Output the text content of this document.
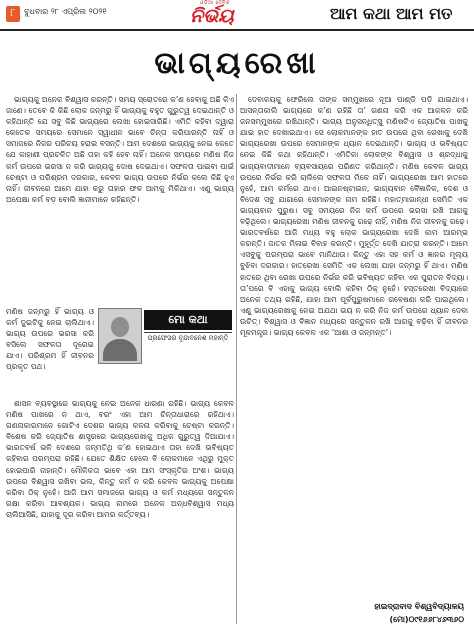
୮	ବୁଧବାର ୨୮ ଏପ୍ରିଲ ୨୦୨୧
ଓଡ଼ିଆ ଦୈନିକ
ନିର୍ଭୟ	ଆମ କଥା ଆମ ମତ
ଭାଗ୍ୟରେଖା

ଭାଗ୍ୟକୁ ଅନେକ ବିଶ୍ୱାସ କରନ୍ତି। ସମୟ ସ୍ରୋତରେ କ’ଣ ହେବାକୁ ଅଛି କିଏ ଜାଣେ। ତେବେ କି କିଛି ଲୋକ ଜନ୍ମରୁ ହିଁ ଭାଗ୍ୟକୁ ବହୁତ ଗୁରୁତ୍ୱ ଦେଇଥାନ୍ତି ଓ କହିଥାନ୍ତି ଯେ ସବୁ କିଛି ଭାଗ୍ୟରେ ଲେଖା ହୋଇସାରିଛି। ଏମିତି କହିବା ଦ୍ୱାରା କେତେକ ସମୟରେ ସେମାନେ ସ୍ୱାଧୀନ ଭାବେ ଚିନ୍ତା କରିପାରନ୍ତି ନାହିଁ ଓ ସମାଜରେ ନିଜର ପରିଚୟ ହରାଇ ବସନ୍ତି। ଆମ ଦେଶରେ ଭାଗ୍ୟକୁ ନେଇ କେତେ ଯେ କାହାଣୀ ପ୍ରଚଳିତ ଅଛି ତାହା କହି ହେବ ନାହିଁ। ଅନେକ ସମୟରେ ମଣିଷ ନିଜ କର୍ମ ଉପରେ ଭରସା ନ କରି ଭାଗ୍ୟକୁ ଦୋଷ ଦେଇଥାଏ। ସଫଳତା ପାଇବା ପାଇଁ ଚେଷ୍ଟା ଓ ପରିଶ୍ରମ ଦରକାର, କେବଳ ଭାଗ୍ୟ ଉପରେ ନିର୍ଭର କଲେ କିଛି ହୁଏ ନାହିଁ। ଜୀବନରେ ଆମେ ଯାହା କରୁ ତାହାର ଫଳ ଆମକୁ ମିଳିଥାଏ। ଏଣୁ ଭାଗ୍ୟ ଅପେକ୍ଷା କର୍ମ ବଡ଼ ବୋଲି ଜ୍ଞାନୀମାନେ କହିଛନ୍ତି।

ଶାସନ ବ୍ୟବସ୍ଥାରେ ଭାଗ୍ୟକୁ ନେଇ ଅନେକ ଧାରଣା ରହିଛି। ଭାଗ୍ୟ କେବଳ ମଣିଷ ପାଖରେ ନ ଥାଏ, ବରଂ ଏହା ଆମ ଚିନ୍ତାଧାରାରେ ରହିଥାଏ। ଗଣନାକାରମାନେ ଗୋଟିଏ ଦେଶର ଭାଗ୍ୟ କଳନା କରିବାକୁ ଚେଷ୍ଟା କରନ୍ତି। ବିଶେଷ କରି ଜ୍ୟୋତିଷ ଶାସ୍ତ୍ରରେ ଭାଗ୍ୟରେଖାକୁ ଅଧିକ ଗୁରୁତ୍ୱ ଦିଆଯାଏ। ଭାରତବର୍ଷ ଭଳି ଦେଶରେ ଜନ୍ମତିଥି କ’ଣ ହୋଇଥାଏ ତାହା ଦେଖି ଭବିଷ୍ୟତ କହିବାର ପରମ୍ପରା ରହିଛି। ଯେତେ ଶିକ୍ଷିତ ହେଲେ ବି ଲୋକମାନେ ଏଥିରୁ ମୁକ୍ତ ହୋଇପାରି ନାହାନ୍ତି। ମୌଳିକତା ଭାବେ ଏହା ଆମ ସଂସ୍କୃତିର ଅଂଶ। ଭାଗ୍ୟ ଉପରେ ବିଶ୍ୱାସ ରଖିବା ଭଲ, କିନ୍ତୁ କର୍ମ ନ କରି କେବଳ ଭାଗ୍ୟକୁ ଅପେକ୍ଷା କରିବା ଠିକ୍ ନୁହେଁ। ଆଜି ଆମ ସମାଜରେ ଭାଗ୍ୟ ଓ କର୍ମ ମଧ୍ୟରେ ସନ୍ତୁଳନ ରକ୍ଷା କରିବା ଆବଶ୍ୟକ। ଭାଗ୍ୟ ନାମରେ ଅନେକ ଅନ୍ଧବିଶ୍ୱାସ ମଧ୍ୟ ଚାଲିଆସିଛି, ଯାହାକୁ ଦୂର କରିବା ଆମର କର୍ତ୍ତବ୍ୟ।

ମଣିଷ ଜନ୍ମରୁ ହିଁ ଭାଗ୍ୟ ଓ କର୍ମ ଦୁଇଟିକୁ ନେଇ ଚାଲିଥାଏ। ଭାଗ୍ୟ ଉପରେ ଭରସା କରି ବସିଲେ ସଫଳତା ଦୂରେଇ ଯାଏ। ପରିଶ୍ରମ ହିଁ ଜୀବନର ପ୍ରକୃତ ପଥ।
ମୋ କଥା
ପ୍ରଫେସର ବୃନ୍ଦାବନେଶ ମହାନ୍ତି

ଦେବାଳୟକୁ ଫେରିଲେ ତାଙ୍କ ସମ୍ମୁଖରେ ନୂଆ ପାଣ୍ଡି ପଡ଼ି ଯାଇଥାଏ। ଆସନ୍ତାକାଲି ଭାଗ୍ୟରେ କ’ଣ ରହିଛି ତା’ ଗଣନା କରି ଏକ ଆକଳନ କରି ଜନସମ୍ମୁଖରେ ରଖିଥାନ୍ତି। ଭାଗ୍ୟ ଅନୁସନ୍ଧିତ୍ସୁ ମଣିଷଟିଏ ଜ୍ୟୋତିଷ ପାଖକୁ ଯାଇ ହାତ ଦେଖାଇଥାଏ। ସେ ଲୋକମାନଙ୍କ ହାତ ଉପରେ ଥିବା ରେଖାକୁ ଦେଖି ଭାଗ୍ୟରେଖା ଉପରେ ସେମାନଙ୍କ ଧ୍ୟାନ ଦେଇଥାନ୍ତି। ଭାଗ୍ୟ ଓ ଭବିଷ୍ୟତ ନେଇ କିଛି କଥା କହିଥାନ୍ତି। ଏମିତିକା ଲୋକଙ୍କ ବିଶ୍ୱାସ ଓ ଶ୍ରଦ୍ଧାକୁ ଭାଗ୍ୟବାଦୀମାନେ ବ୍ୟବସାୟରେ ପରିଣତ କରିଥାନ୍ତି। ମଣିଷ କେବଳ ଭାଗ୍ୟ ଉପରେ ନିର୍ଭର କରି ଚାଲିଲେ ସଫଳତା ମିଳେ ନାହିଁ। ଭାଗ୍ୟରେଖା ଆମ ହାତରେ ନୁହେଁ, ଆମ କର୍ମରେ ଥାଏ। ଆଇନଷ୍ଟାଇନ, ଭାଗ୍ୟବାନ ବୈଜ୍ଞାନିକ, ଦେଶ ଓ ବିଦେଶ ସବୁ ଯାଗାରେ ସେମାନଙ୍କ ନାମ ରହିଛି। ମହାତ୍ମାଗାନ୍ଧୀ ସେମିତି ଏକ ଭାଗ୍ୟବାନ ପୁରୁଷ। ସବୁ ସମୟରେ ନିଜ କର୍ମ ଉପରେ ଭରସା ରଖି ଆଗକୁ ବଢ଼ିଥିଲେ। ଭାଗ୍ୟରେଖା ମଣିଷ ଜୀବନକୁ ଗଢ଼େ ନାହିଁ, ମଣିଷ ନିଜ ଜୀବନକୁ ଗଢ଼େ। ଭାରତବର୍ଷରେ ଆଜି ମଧ୍ୟ ବହୁ ଲୋକ ଭାଗ୍ୟରେଖା ଦେଖି କାମ ଆରମ୍ଭ କରନ୍ତି। ଜାତକ ମିଳାଇ ବିବାହ କରନ୍ତି। ମୁହୂର୍ତ୍ତ ଦେଖି ଯାତ୍ରା କରନ୍ତି। ଆମେ ଏସବୁକୁ ପରମ୍ପରା ଭାବେ ମାନିଥାଉ। କିନ୍ତୁ ଏହା ସହ କର୍ମ ଓ ଜ୍ଞାନର ମୂଲ୍ୟ ବୁଝିବା ଦରକାର। ହାତରେଖା ସେମିତି ଏକ ଲେଖା ଯାହା ଜନ୍ମରୁ ହିଁ ଥାଏ। ମଣିଷ ହାତରେ ଥିବା ରେଖା ଉପରେ ନିର୍ଭର କରି ଭବିଷ୍ୟତ କହିବା ଏକ ପୁରାତନ ବିଦ୍ୟା। ତା’ପରେ ବି ଏହାକୁ ଭାଗ୍ୟ ବୋଲି କହିବା ଠିକ୍ ନୁହେଁ। ହସ୍ତରେଖା ବିଦ୍ୟାରେ ଅନେକ ତଥ୍ୟ ରହିଛି, ଯାହା ଆମ ପୂର୍ବପୁରୁଷମାନେ ଗବେଷଣା କରି ପାଇଥିଲେ। ଏଣୁ ଭାଗ୍ୟରେଖାକୁ ନେଇ ଅଯଥା ଭୟ ନ କରି ନିଜ କର୍ମ ଉପରେ ଧ୍ୟାନ ଦେବା ଉଚିତ୍। ବିଶ୍ୱାସ ଓ ବିଜ୍ଞାନ ମଧ୍ୟରେ ସନ୍ତୁଳନ ରଖି ଆଗକୁ ବଢ଼ିବା ହିଁ ଜୀବନର ମୂଳମନ୍ତ୍ର। ଭାଗ୍ୟ କେବଳ ଏକ ‘ଆଶା ଓ ଜନ୍ମନ୍ତ’।

ହାଇଦ୍ରାବାଦ ବିଶ୍ୱବିଦ୍ୟାଳୟ
(ମୋ)୦୯୧୬୬୮୪୬୩୬୦
